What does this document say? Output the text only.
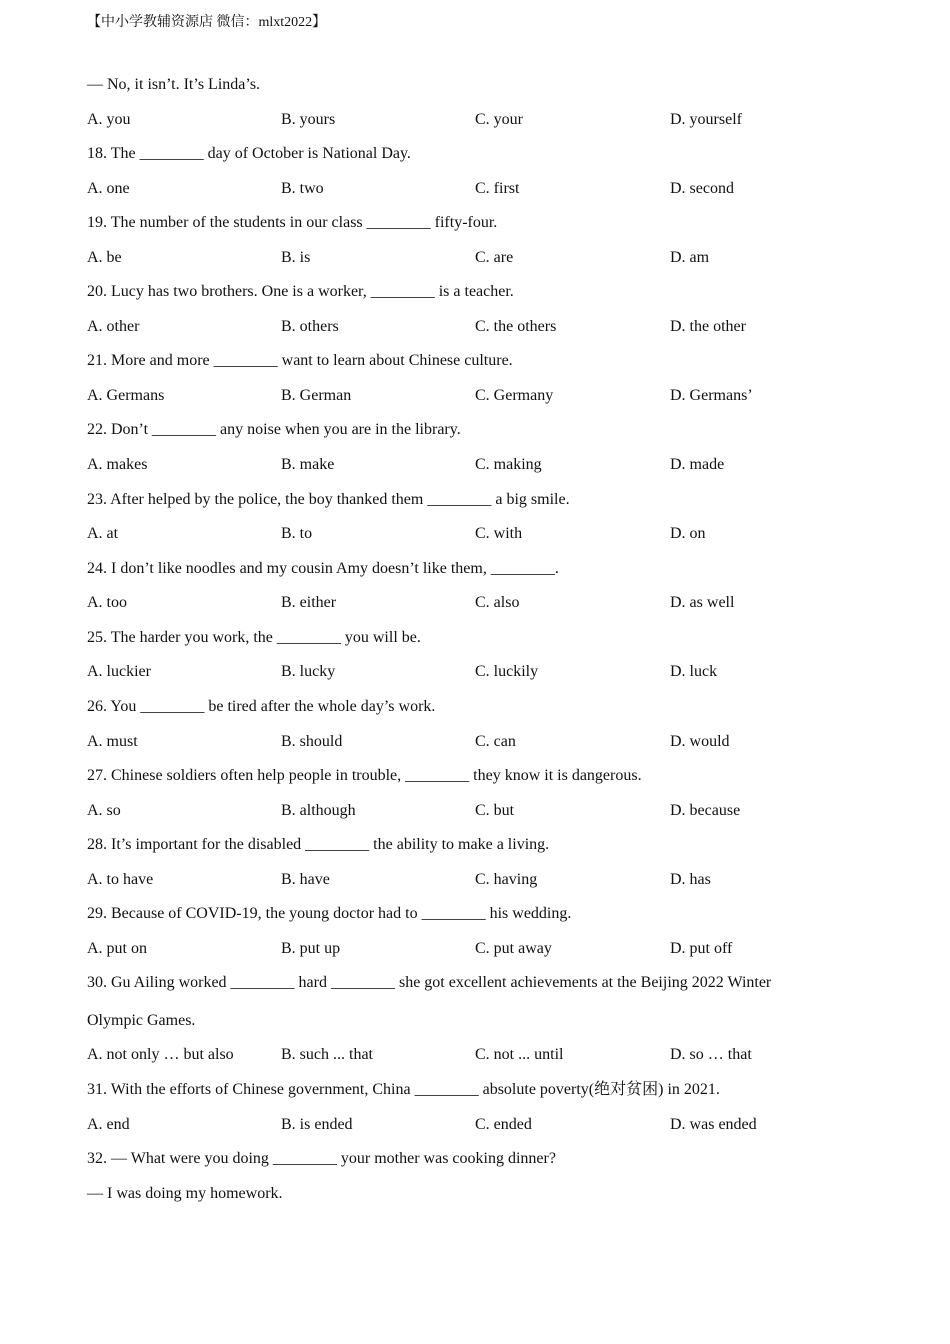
【中小学教辅资源店 微信：mlxt2022】
— No, it isn’t. It’s Linda’s.
A. you	B. yours	C. your	D. yourself
18. The ________ day of October is National Day.
A. one	B. two	C. first	D. second
19. The number of the students in our class ________ fifty-four.
A. be	B. is	C. are	D. am
20. Lucy has two brothers. One is a worker, ________ is a teacher.
A. other	B. others	C. the others	D. the other
21. More and more ________ want to learn about Chinese culture.
A. Germans	B. German	C. Germany	D. Germans’
22. Don’t ________ any noise when you are in the library.
A. makes	B. make	C. making	D. made
23. After helped by the police, the boy thanked them ________ a big smile.
A. at	B. to	C. with	D. on
24. I don’t like noodles and my cousin Amy doesn’t like them, ________.
A. too	B. either	C. also	D. as well
25. The harder you work, the ________ you will be.
A. luckier	B. lucky	C. luckily	D. luck
26. You ________ be tired after the whole day’s work.
A. must	B. should	C. can	D. would
27. Chinese soldiers often help people in trouble, ________ they know it is dangerous.
A. so	B. although	C. but	D. because
28. It’s important for the disabled ________ the ability to make a living.
A. to have	B. have	C. having	D. has
29. Because of COVID-19, the young doctor had to ________ his wedding.
A. put on	B. put up	C. put away	D. put off
30. Gu Ailing worked ________ hard ________ she got excellent achievements at the Beijing 2022 Winter
Olympic Games.
A. not only … but also	B. such ... that	C. not ... until	D. so … that
31. With the efforts of Chinese government, China ________ absolute poverty(绝对贫困) in 2021.
A. end	B. is ended	C. ended	D. was ended
32. — What were you doing ________ your mother was cooking dinner?
— I was doing my homework.
